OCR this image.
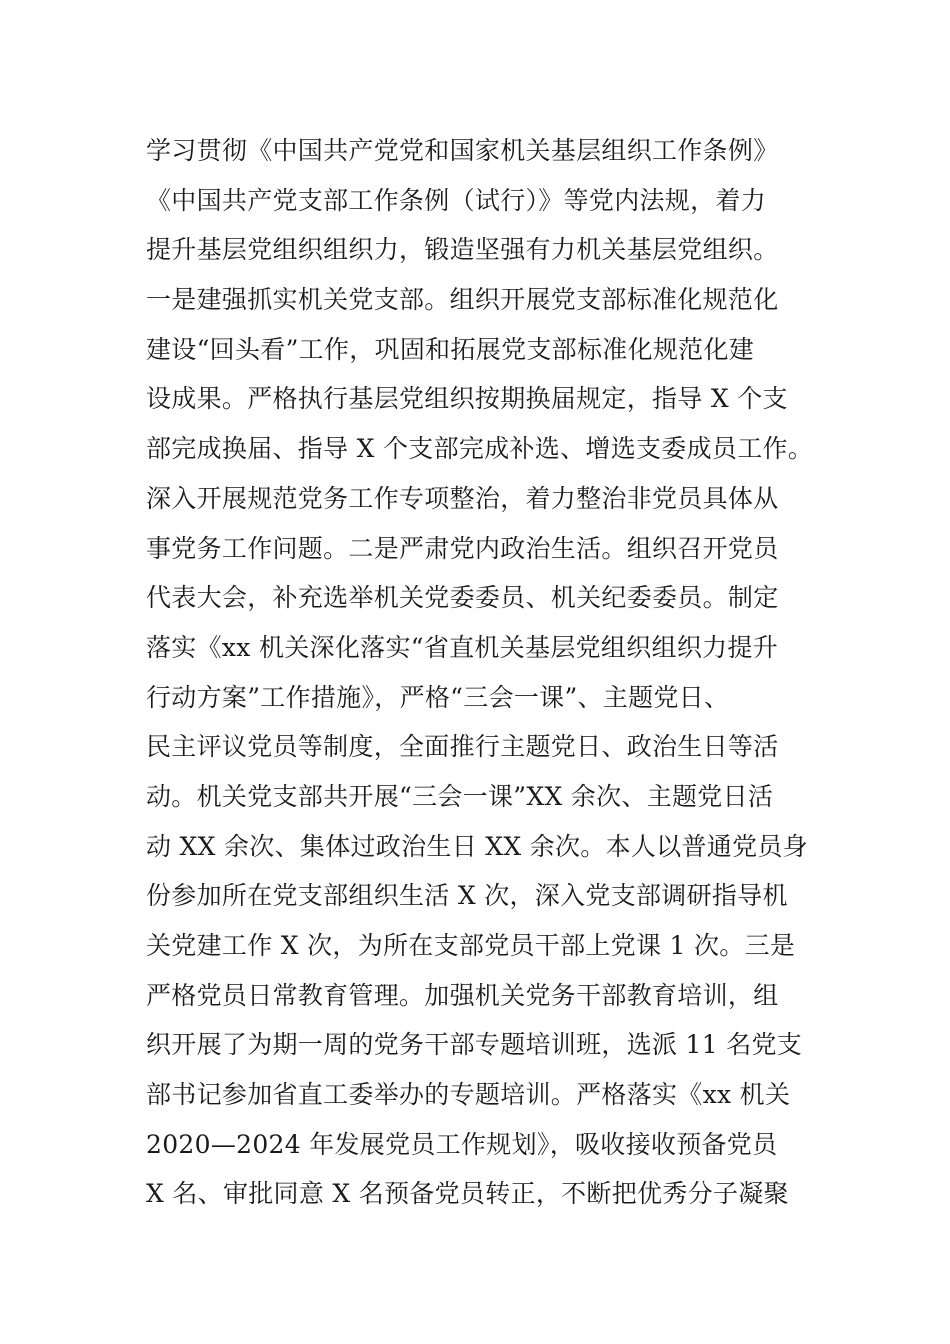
学习贯彻《中国共产党党和国家机关基层组织工作条例》
《中国共产党支部工作条例（试行）》等党内法规，着力
提升基层党组织组织力，锻造坚强有力机关基层党组织。
一是建强抓实机关党支部。组织开展党支部标准化规范化
建设“回头看”工作，巩固和拓展党支部标准化规范化建
设成果。严格执行基层党组织按期换届规定，指导 X 个支
部完成换届、指导 X 个支部完成补选、增选支委成员工作。
深入开展规范党务工作专项整治，着力整治非党员具体从
事党务工作问题。二是严肃党内政治生活。组织召开党员
代表大会，补充选举机关党委委员、机关纪委委员。制定
落实《xx 机关深化落实“省直机关基层党组织组织力提升
行动方案”工作措施》，严格“三会一课”、主题党日、
民主评议党员等制度，全面推行主题党日、政治生日等活
动。机关党支部共开展“三会一课”XX 余次、主题党日活
动 XX 余次、集体过政治生日 XX 余次。本人以普通党员身
份参加所在党支部组织生活 X 次，深入党支部调研指导机
关党建工作 X 次，为所在支部党员干部上党课 1 次。三是
严格党员日常教育管理。加强机关党务干部教育培训，组
织开展了为期一周的党务干部专题培训班，选派 11 名党支
部书记参加省直工委举办的专题培训。严格落实《xx 机关
2020—2024 年发展党员工作规划》，吸收接收预备党员
X 名、审批同意 X 名预备党员转正，不断把优秀分子凝聚
